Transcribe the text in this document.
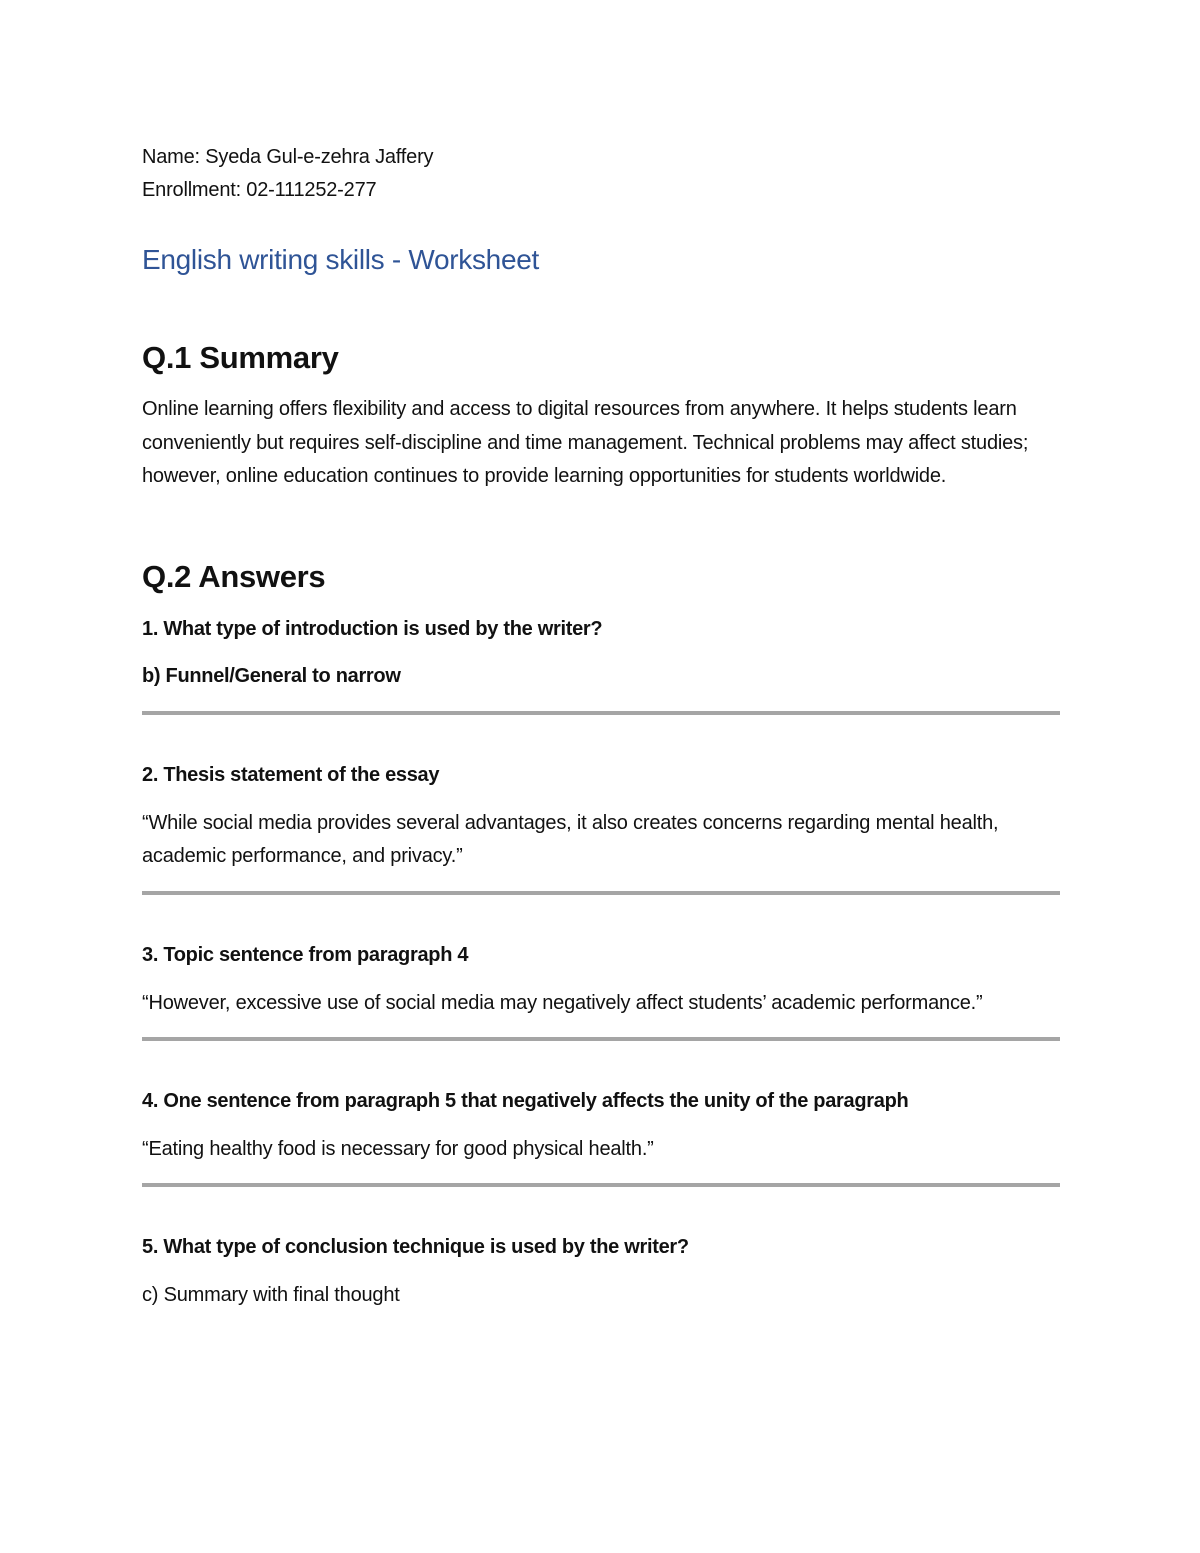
Name: Syeda Gul-e-zehra Jaffery

Enrollment: 02-111252-277

English writing skills - Worksheet
Q.1 Summary

Online learning offers flexibility and access to digital resources from anywhere. It helps students learn conveniently but requires self-discipline and time management. Technical problems may affect studies; however, online education continues to provide learning opportunities for students worldwide.

Q.2 Answers

1. What type of introduction is used by the writer?

b) Funnel/General to narrow

2. Thesis statement of the essay

“While social media provides several advantages, it also creates concerns regarding mental health, academic performance, and privacy.”

3. Topic sentence from paragraph 4

“However, excessive use of social media may negatively affect students’ academic performance.”

4. One sentence from paragraph 5 that negatively affects the unity of the paragraph

“Eating healthy food is necessary for good physical health.”

5. What type of conclusion technique is used by the writer?

c) Summary with final thought
